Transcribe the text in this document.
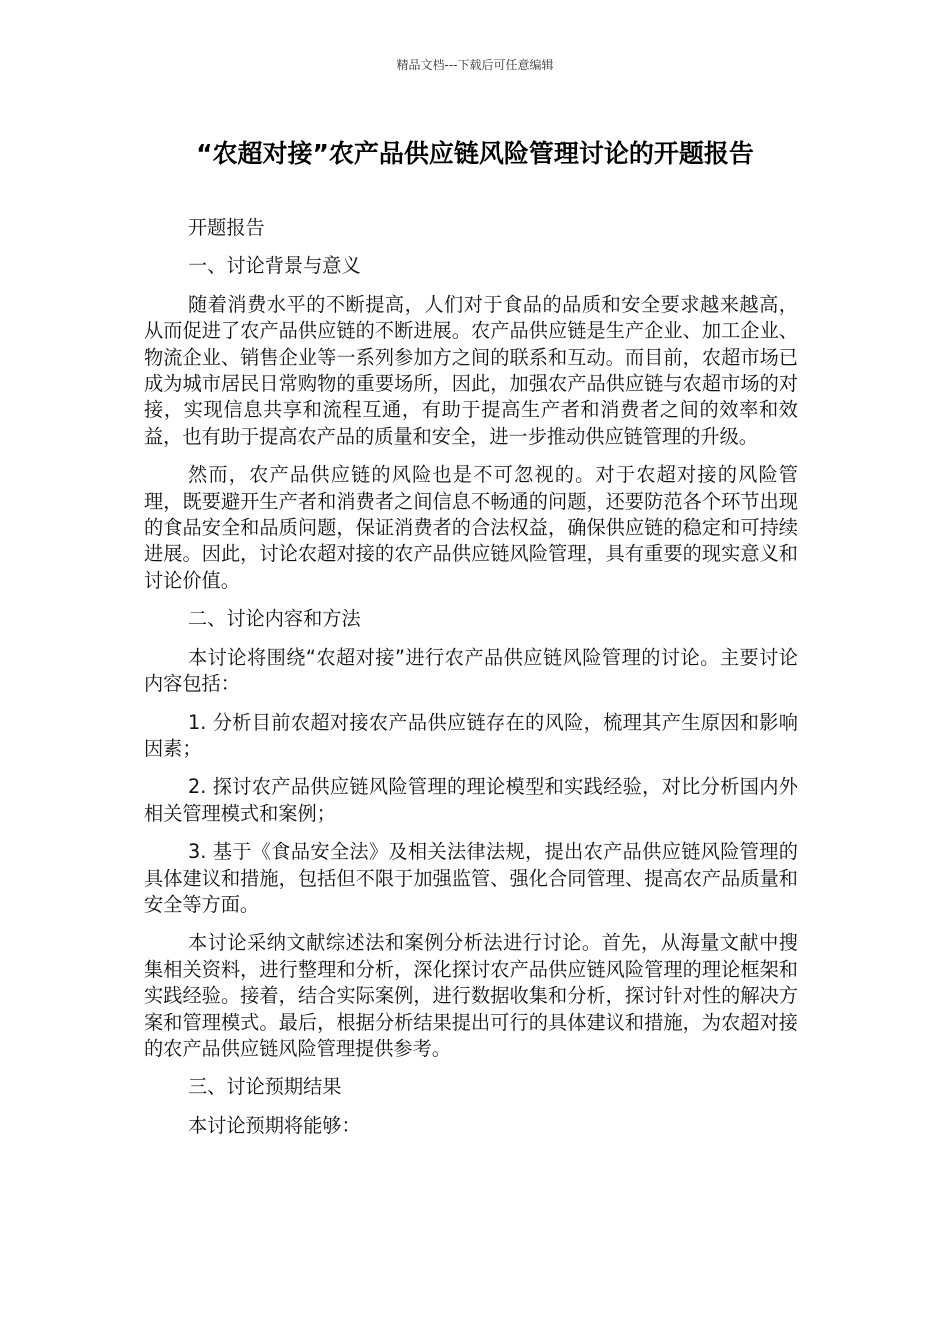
精品文档---下载后可任意编辑
“农超对接”农产品供应链风险管理讨论的开题报告

开题报告

一、讨论背景与意义

随着消费水平的不断提高，人们对于食品的品质和安全要求越来越高，从而促进了农产品供应链的不断进展。农产品供应链是生产企业、加工企业、物流企业、销售企业等一系列参加方之间的联系和互动。而目前，农超市场已成为城市居民日常购物的重要场所，因此，加强农产品供应链与农超市场的对接，实现信息共享和流程互通，有助于提高生产者和消费者之间的效率和效益，也有助于提高农产品的质量和安全，进一步推动供应链管理的升级。

然而，农产品供应链的风险也是不可忽视的。对于农超对接的风险管理，既要避开生产者和消费者之间信息不畅通的问题，还要防范各个环节出现的食品安全和品质问题，保证消费者的合法权益，确保供应链的稳定和可持续进展。因此，讨论农超对接的农产品供应链风险管理，具有重要的现实意义和讨论价值。

二、讨论内容和方法

本讨论将围绕“农超对接”进行农产品供应链风险管理的讨论。主要讨论内容包括：

1. 分析目前农超对接农产品供应链存在的风险，梳理其产生原因和影响因素；

2. 探讨农产品供应链风险管理的理论模型和实践经验，对比分析国内外相关管理模式和案例；

3. 基于《食品安全法》及相关法律法规，提出农产品供应链风险管理的具体建议和措施，包括但不限于加强监管、强化合同管理、提高农产品质量和安全等方面。

本讨论采纳文献综述法和案例分析法进行讨论。首先，从海量文献中搜集相关资料，进行整理和分析，深化探讨农产品供应链风险管理的理论框架和实践经验。接着，结合实际案例，进行数据收集和分析，探讨针对性的解决方案和管理模式。最后，根据分析结果提出可行的具体建议和措施，为农超对接的农产品供应链风险管理提供参考。

三、讨论预期结果

本讨论预期将能够：
